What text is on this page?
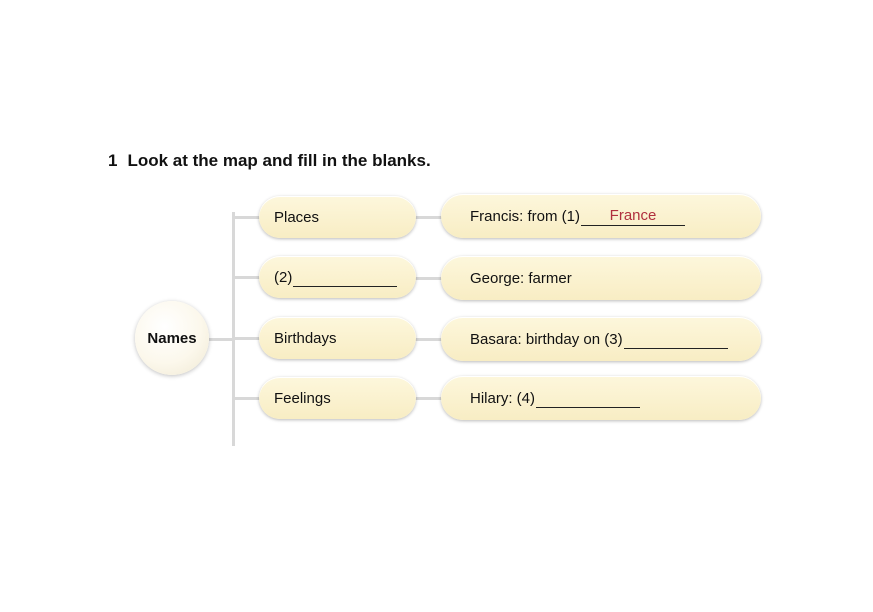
1 Look at the map and fill in the blanks.
Names
Places	Francis: from (1)	France
(2)	George: farmer
Birthdays	Basara: birthday on (3)
Feelings	Hilary: (4)
